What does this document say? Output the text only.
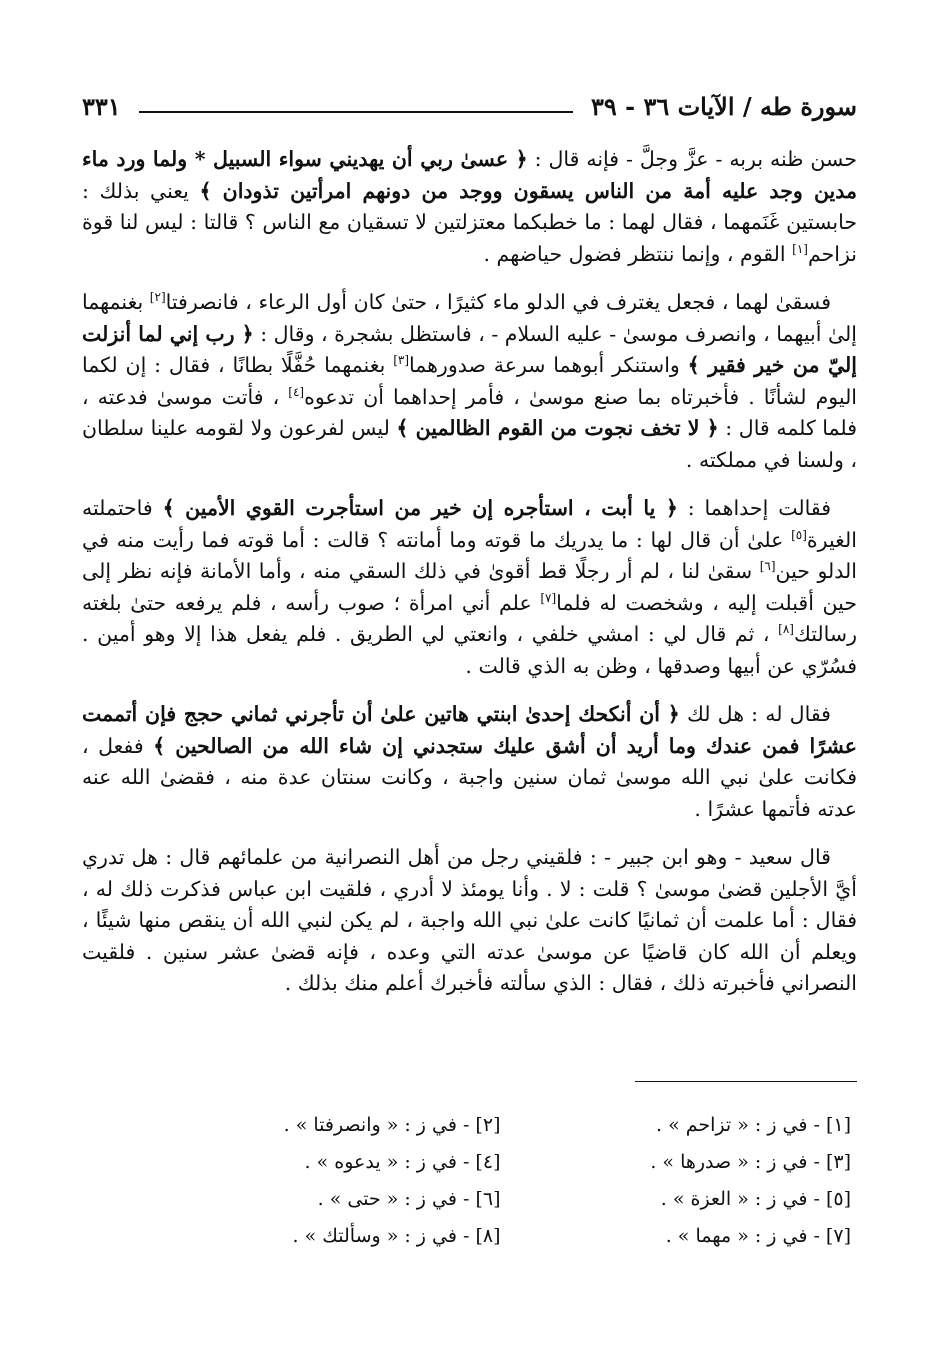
سورة طه / الآيات ٣٦ - ٣٩
٣٣١

حسن ظنه بربه - عزَّ وجلَّ - فإنه قال : ﴿ عسىٰ ربي أن يهديني سواء السبيل * ولما ورد ماء مدين وجد عليه أمة من الناس يسقون ووجد من دونهم امرأتين تذودان ﴾ يعني بذلك : حابستين غَنَمهما ، فقال لهما : ما خطبكما معتزلتين لا تسقيان مع الناس ؟ قالتا : ليس لنا قوة نزاحم[١] القوم ، وإنما ننتظر فضول حياضهم .

فسقىٰ لهما ، فجعل يغترف في الدلو ماء كثيرًا ، حتىٰ كان أول الرعاء ، فانصرفتا[٢] بغنمهما إلىٰ أبيهما ، وانصرف موسىٰ - عليه السلام - ، فاستظل بشجرة ، وقال : ﴿ رب إني لما أنزلت إليّ من خير فقير ﴾ واستنكر أبوهما سرعة صدورهما[٣] بغنمهما حُفَّلًا بطانًا ، فقال : إن لكما اليوم لشأنًا . فأخبرتاه بما صنع موسىٰ ، فأمر إحداهما أن تدعوه[٤] ، فأتت موسىٰ فدعته ، فلما كلمه قال : ﴿ لا تخف نجوت من القوم الظالمين ﴾ ليس لفرعون ولا لقومه علينا سلطان ، ولسنا في مملكته .

فقالت إحداهما : ﴿ يا أبت ، استأجره إن خير من استأجرت القوي الأمين ﴾ فاحتملته الغيرة[٥] علىٰ أن قال لها : ما يدريك ما قوته وما أمانته ؟ قالت : أما قوته فما رأيت منه في الدلو حين[٦] سقىٰ لنا ، لم أر رجلًا قط أقوىٰ في ذلك السقي منه ، وأما الأمانة فإنه نظر إلى حين أقبلت إليه ، وشخصت له فلما[٧] علم أني امرأة ؛ صوب رأسه ، فلم يرفعه حتىٰ بلغته رسالتك[٨] ، ثم قال لي : امشي خلفي ، وانعتي لي الطريق . فلم يفعل هذا إلا وهو أمين . فسُرّي عن أبيها وصدقها ، وظن به الذي قالت .

فقال له : هل لك ﴿ أن أنكحك إحدىٰ ابنتي هاتين علىٰ أن تأجرني ثماني حجج فإن أتممت عشرًا فمن عندك وما أريد أن أشق عليك ستجدني إن شاء الله من الصالحين ﴾ ففعل ، فكانت علىٰ نبي الله موسىٰ ثمان سنين واجبة ، وكانت سنتان عدة منه ، فقضىٰ الله عنه عدته فأتمها عشرًا .

قال سعيد - وهو ابن جبير - : فلقيني رجل من أهل النصرانية من علمائهم قال : هل تدري أيَّ الأجلين قضىٰ موسىٰ ؟ قلت : لا . وأنا يومئذ لا أدري ، فلقيت ابن عباس فذكرت ذلك له ، فقال : أما علمت أن ثمانيًا كانت علىٰ نبي الله واجبة ، لم يكن لنبي الله أن ينقص منها شيئًا ، ويعلم أن الله كان قاضيًا عن موسىٰ عدته التي وعده ، فإنه قضىٰ عشر سنين . فلقيت النصراني فأخبرته ذلك ، فقال : الذي سألته فأخبرك أعلم منك بذلك .

[١] - في ز : « تزاحم » .
[٢] - في ز : « وانصرفتا » .
[٣] - في ز : « صدرها » .
[٤] - في ز : « يدعوه » .
[٥] - في ز : « العزة » .
[٦] - في ز : « حتى » .
[٧] - في ز : « مهما » .
[٨] - في ز : « وسألتك » .
